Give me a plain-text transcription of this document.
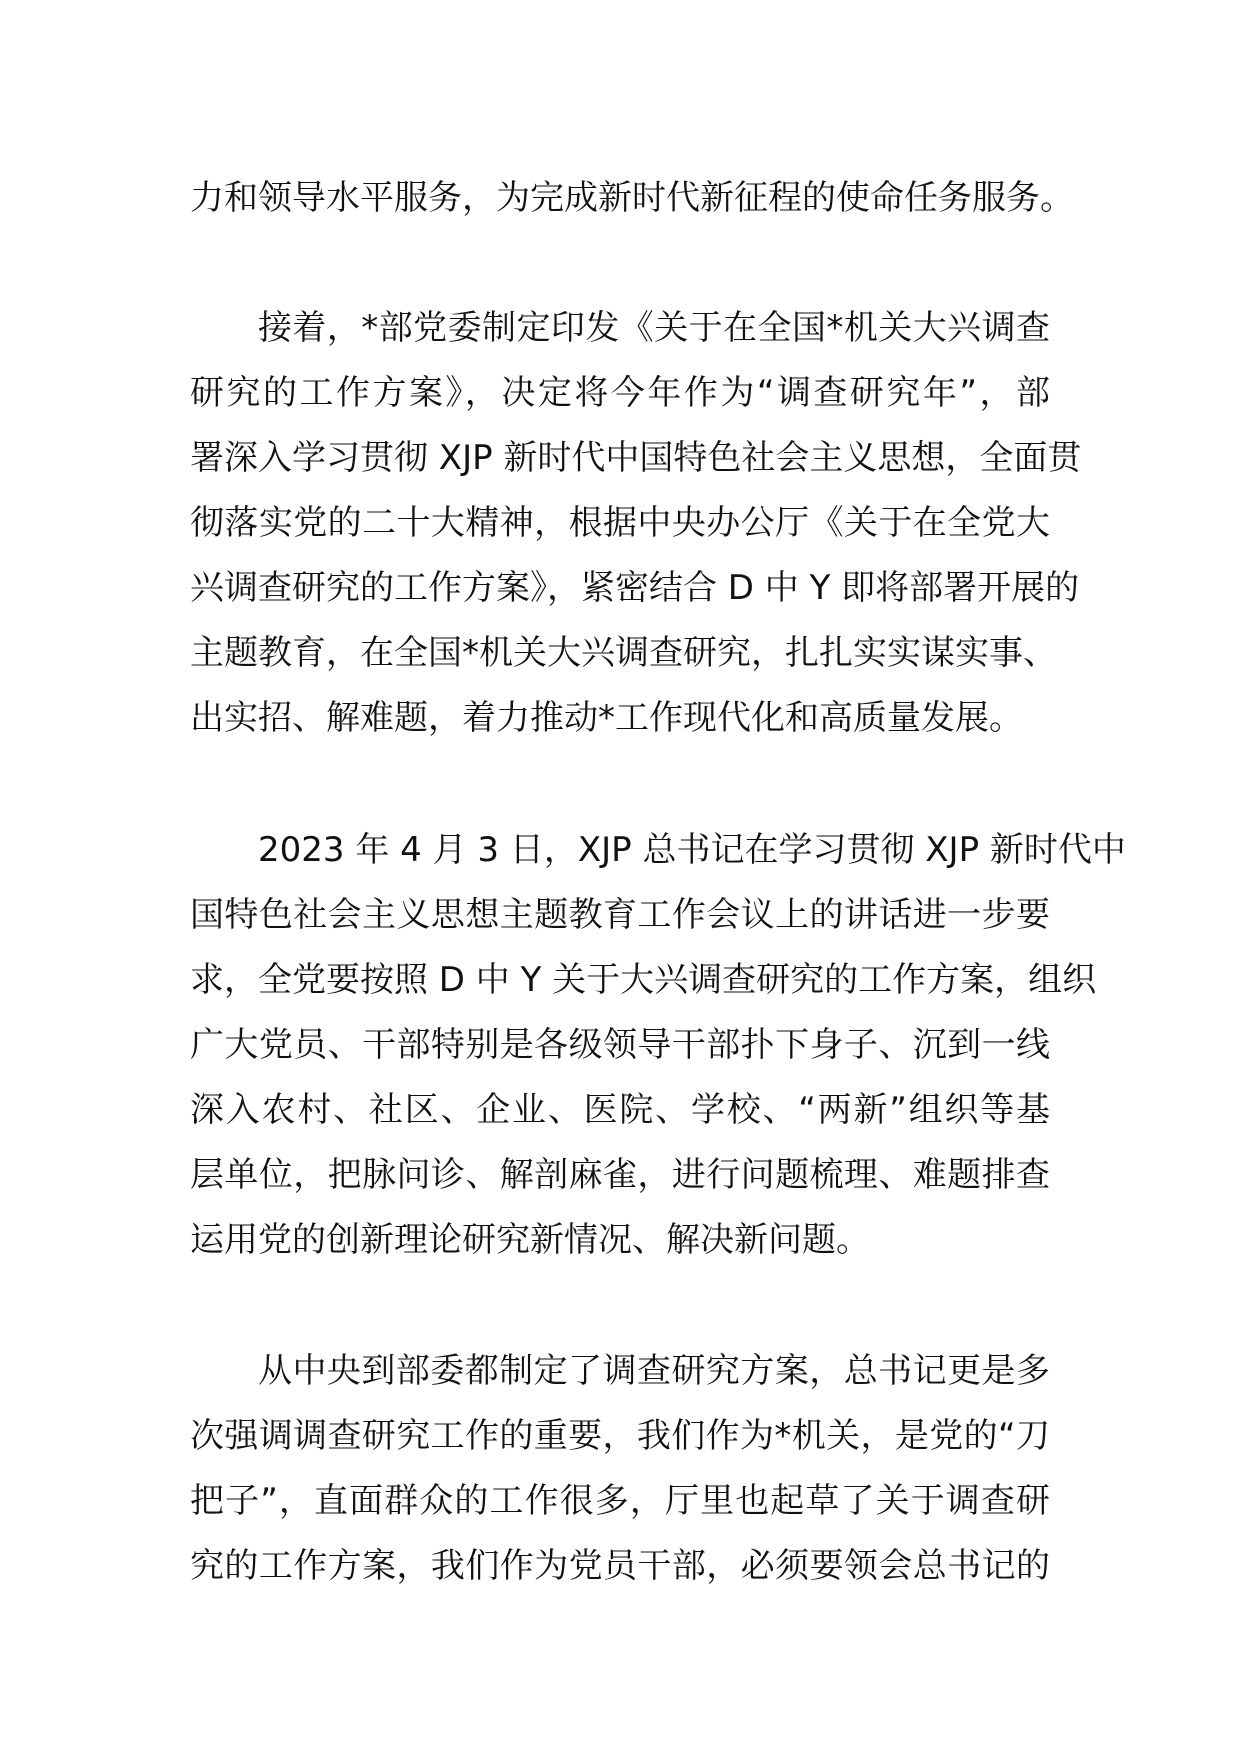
力和领导水平服务，为完成新时代新征程的使命任务服务。
接着，*部党委制定印发《关于在全国*机关大兴调查
研究的工作方案》，决定将今年作为“调查研究年”，部
署深入学习贯彻 XJP 新时代中国特色社会主义思想，全面贯
彻落实党的二十大精神，根据中央办公厅《关于在全党大
兴调查研究的工作方案》，紧密结合 D 中 Y 即将部署开展的
主题教育，在全国*机关大兴调查研究，扎扎实实谋实事、
出实招、解难题，着力推动*工作现代化和高质量发展。
2023 年 4 月 3 日，XJP 总书记在学习贯彻 XJP 新时代中
国特色社会主义思想主题教育工作会议上的讲话进一步要
求，全党要按照 D 中 Y 关于大兴调查研究的工作方案，组织
广大党员、干部特别是各级领导干部扑下身子、沉到一线
深入农村、社区、企业、医院、学校、“两新”组织等基
层单位，把脉问诊、解剖麻雀，进行问题梳理、难题排查
运用党的创新理论研究新情况、解决新问题。
从中央到部委都制定了调查研究方案，总书记更是多
次强调调查研究工作的重要，我们作为*机关，是党的“刀
把子”，直面群众的工作很多，厅里也起草了关于调查研
究的工作方案，我们作为党员干部，必须要领会总书记的
